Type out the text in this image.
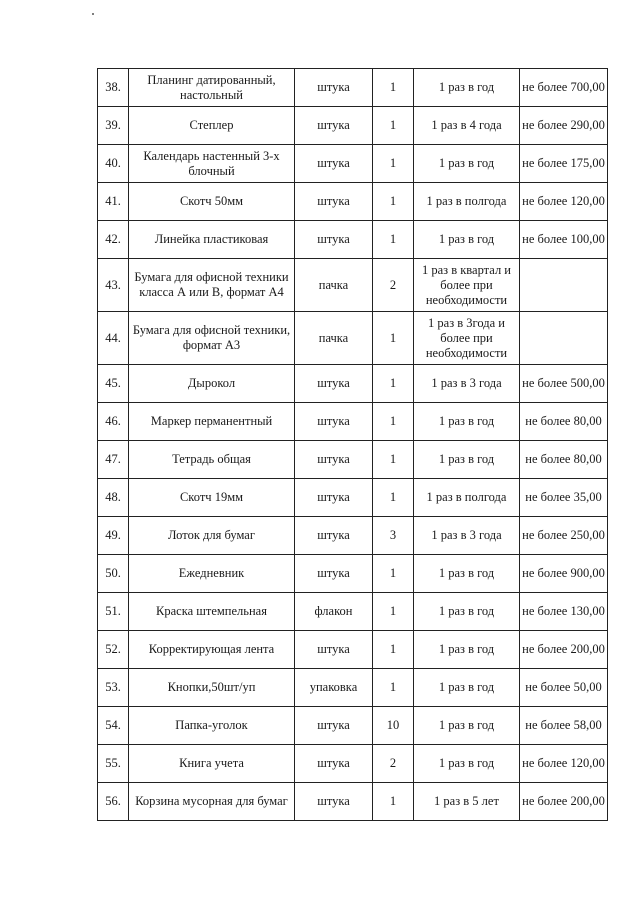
38.	Планинг датированный, настольный	штука	1	1 раз в год	не более 700,00
39.	Степлер	штука	1	1 раз в 4 года	не более 290,00
40.	Календарь настенный 3-х блочный	штука	1	1 раз в год	не более 175,00
41.	Скотч 50мм	штука	1	1 раз в полгода	не более 120,00
42.	Линейка пластиковая	штука	1	1 раз в год	не более 100,00
43.	Бумага для офисной техники класса А или В, формат А4	пачка	2	1 раз в квартал и более при необходимости	
44.	Бумага для офисной техники, формат А3	пачка	1	1 раз в 3года и более при необходимости	
45.	Дырокол	штука	1	1 раз в 3 года	не более 500,00
46.	Маркер перманентный	штука	1	1 раз в год	не более 80,00
47.	Тетрадь общая	штука	1	1 раз в год	не более 80,00
48.	Скотч 19мм	штука	1	1 раз в полгода	не более 35,00
49.	Лоток для бумаг	штука	3	1 раз в 3 года	не более 250,00
50.	Ежедневник	штука	1	1 раз в год	не более 900,00
51.	Краска штемпельная	флакон	1	1 раз в год	не более 130,00
52.	Корректирующая лента	штука	1	1 раз в год	не более 200,00
53.	Кнопки,50шт/уп	упаковка	1	1 раз в год	не более 50,00
54.	Папка-уголок	штука	10	1 раз в год	не более 58,00
55.	Книга учета	штука	2	1 раз в год	не более 120,00
56.	Корзина мусорная для бумаг	штука	1	1 раз в 5 лет	не более 200,00
